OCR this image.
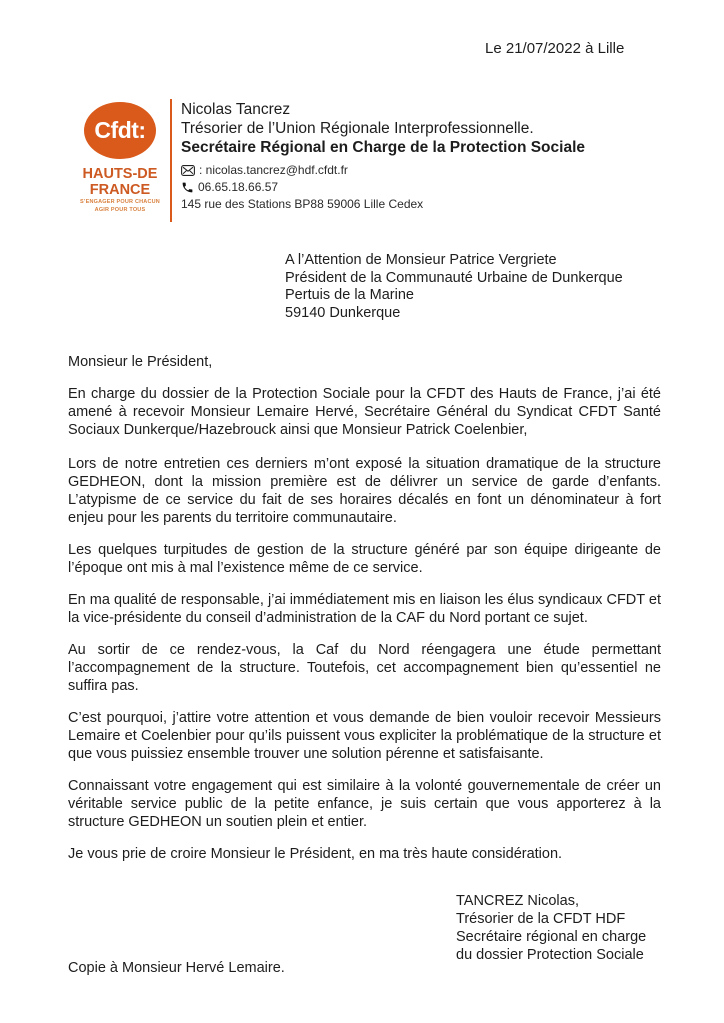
Le 21/07/2022 à Lille
Cfdt:
HAUTS-DE
FRANCE
S’ENGAGER POUR CHACUN
AGIR POUR TOUS
Nicolas Tancrez
Trésorier de l’Union Régionale Interprofessionnelle.
Secrétaire Régional en Charge de la Protection Sociale
: nicolas.tancrez@hdf.cfdt.fr
06.65.18.66.57
145 rue des Stations BP88 59006 Lille Cedex
A l’Attention de Monsieur Patrice Vergriete
Président de la Communauté Urbaine de Dunkerque
Pertuis de la Marine
59140 Dunkerque

Monsieur le Président,

En charge du dossier de la Protection Sociale pour la CFDT des Hauts de France, j’ai été amené à recevoir Monsieur Lemaire Hervé, Secrétaire Général du Syndicat CFDT Santé Sociaux Dunkerque/Hazebrouck ainsi que Monsieur Patrick Coelenbier,

Lors de notre entretien ces derniers m’ont exposé la situation dramatique de la structure GEDHEON, dont la mission première est de délivrer un service de garde d’enfants. L’atypisme de ce service du fait de ses horaires décalés en font un dénominateur à fort enjeu pour les parents du territoire communautaire.

Les quelques turpitudes de gestion de la structure généré par son équipe dirigeante de l’époque ont mis à mal l’existence même de ce service.

En ma qualité de responsable, j’ai immédiatement mis en liaison les élus syndicaux CFDT et la vice-présidente du conseil d’administration de la CAF du Nord portant ce sujet.

Au sortir de ce rendez-vous, la Caf du Nord réengagera une étude permettant l’accompagnement de la structure. Toutefois, cet accompagnement bien qu’essentiel ne suffira pas.

C’est pourquoi, j’attire votre attention et vous demande de bien vouloir recevoir Messieurs Lemaire et Coelenbier pour qu’ils puissent vous expliciter la problématique de la structure et que vous puissiez ensemble trouver une solution pérenne et satisfaisante.

Connaissant votre engagement qui est similaire à la volonté gouvernementale de créer un véritable service public de la petite enfance, je suis certain que vous apporterez à la structure GEDHEON un soutien plein et entier.

Je vous prie de croire Monsieur le Président, en ma très haute considération.

TANCREZ Nicolas,
Trésorier de la CFDT HDF
Secrétaire régional en charge
du dossier Protection Sociale
Copie à Monsieur Hervé Lemaire.
